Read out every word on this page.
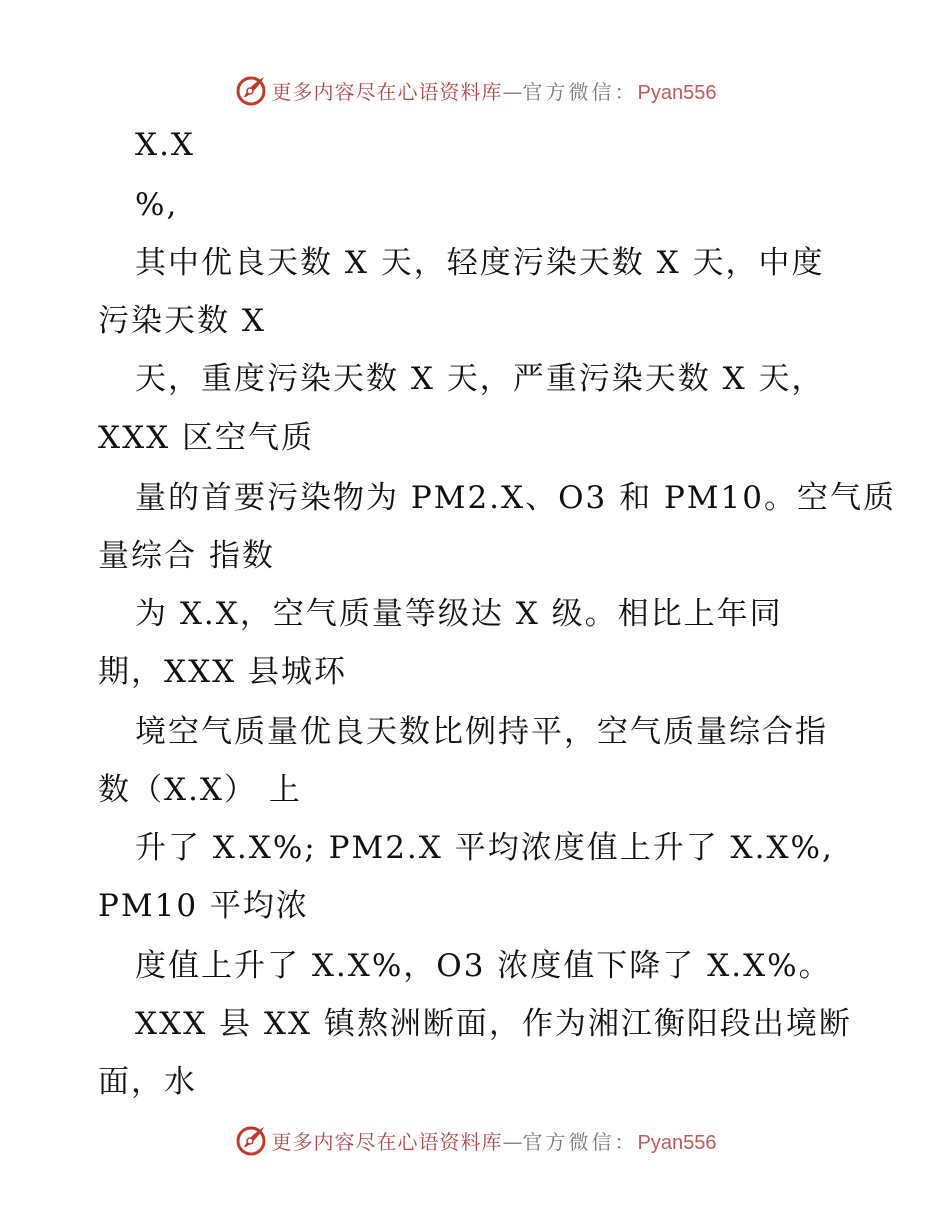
更多内容尽在心语资料库—官方微信：Pyan556
X.X
%,
其中优良天数 X 天，轻度污染天数 X 天，中度
污染天数 X
天，重度污染天数 X 天，严重污染天数 X 天，
XXX 区空气质
量的首要污染物为 PM2.X、O3 和 PM10。空气质
量综合 指数
为 X.X，空气质量等级达 X 级。相比上年同
期，XXX 县城环
境空气质量优良天数比例持平，空气质量综合指
数（X.X） 上
升了 X.X%; PM2.X 平均浓度值上升了 X.X%,
PM10 平均浓
度值上升了 X.X%，O3 浓度值下降了 X.X%。
XXX 县 XX 镇熬洲断面，作为湘江衡阳段出境断
面，水
更多内容尽在心语资料库—官方微信：Pyan556
